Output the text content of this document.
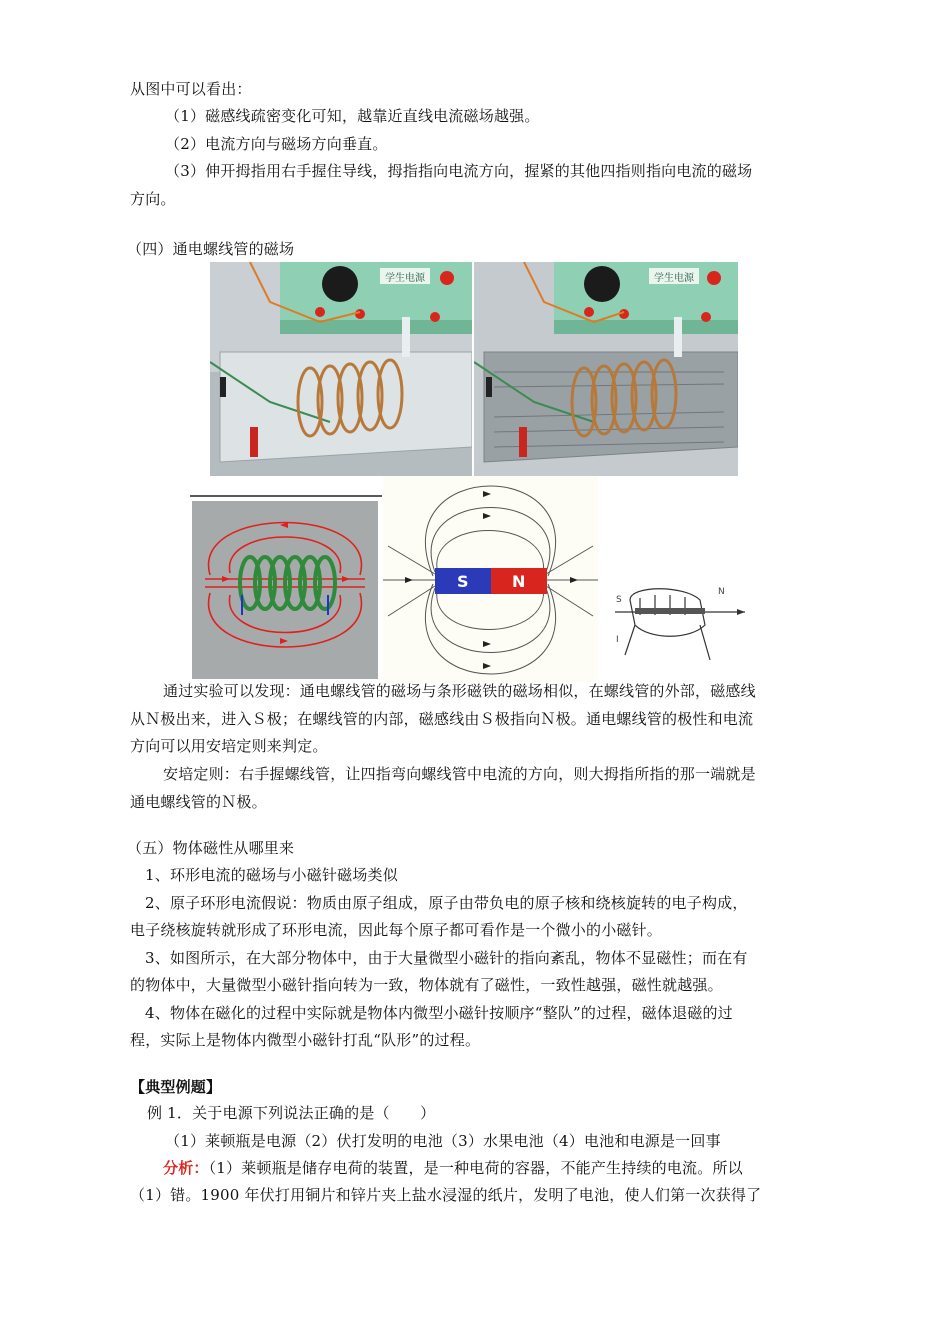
从图中可以看出：
（1）磁感线疏密变化可知，越靠近直线电流磁场越强。
（2）电流方向与磁场方向垂直。
（3）伸开拇指用右手握住导线，拇指指向电流方向，握紧的其他四指则指向电流的磁场
方向。
（四）通电螺线管的磁场
学生电源	学生电源
S	N
S
N
I
通过实验可以发现：通电螺线管的磁场与条形磁铁的磁场相似，在螺线管的外部，磁感线
从Ｎ极出来，进入Ｓ极；在螺线管的内部，磁感线由Ｓ极指向Ｎ极。通电螺线管的极性和电流
方向可以用安培定则来判定。
安培定则：右手握螺线管，让四指弯向螺线管中电流的方向，则大拇指所指的那一端就是
通电螺线管的Ｎ极。
（五）物体磁性从哪里来
1、环形电流的磁场与小磁针磁场类似
2、原子环形电流假说：物质由原子组成，原子由带负电的原子核和绕核旋转的电子构成，
电子绕核旋转就形成了环形电流，因此每个原子都可看作是一个微小的小磁针。
3、如图所示，在大部分物体中，由于大量微型小磁针的指向紊乱，物体不显磁性；而在有
的物体中，大量微型小磁针指向转为一致，物体就有了磁性，一致性越强，磁性就越强。
4、物体在磁化的过程中实际就是物体内微型小磁针按顺序“整队”的过程，磁体退磁的过
程，实际上是物体内微型小磁针打乱“队形”的过程。
【典型例题】
例 1．关于电源下列说法正确的是（　　）
（1）莱顿瓶是电源（2）伏打发明的电池（3）水果电池（4）电池和电源是一回事
分析：（1）莱顿瓶是储存电荷的装置，是一种电荷的容器，不能产生持续的电流。所以
（1）错。1900 年伏打用铜片和锌片夹上盐水浸湿的纸片，发明了电池，使人们第一次获得了
